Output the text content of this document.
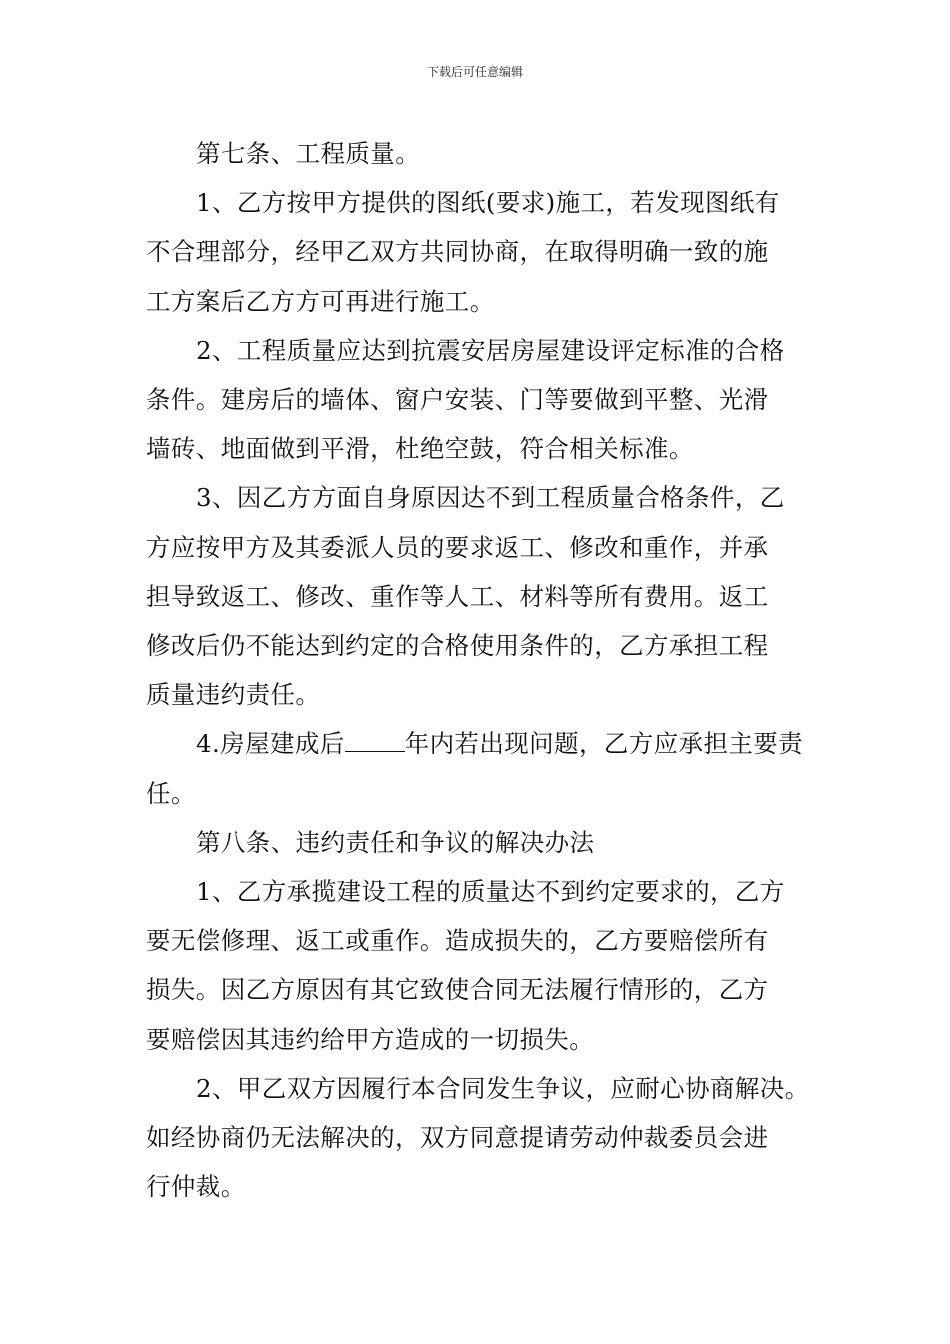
下载后可任意编辑
第七条、工程质量。
1、乙方按甲方提供的图纸(要求)施工，若发现图纸有
不合理部分，经甲乙双方共同协商，在取得明确一致的施
工方案后乙方方可再进行施工。
2、工程质量应达到抗震安居房屋建设评定标准的合格
条件。建房后的墙体、窗户安装、门等要做到平整、光滑
墙砖、地面做到平滑，杜绝空鼓，符合相关标准。
3、因乙方方面自身原因达不到工程质量合格条件，乙
方应按甲方及其委派人员的要求返工、修改和重作，并承
担导致返工、修改、重作等人工、材料等所有费用。返工
修改后仍不能达到约定的合格使用条件的，乙方承担工程
质量违约责任。
4.房屋建成后 年内若出现问题，乙方应承担主要责
任。
第八条、违约责任和争议的解决办法
1、乙方承揽建设工程的质量达不到约定要求的，乙方
要无偿修理、返工或重作。造成损失的，乙方要赔偿所有
损失。因乙方原因有其它致使合同无法履行情形的，乙方
要赔偿因其违约给甲方造成的一切损失。
2、甲乙双方因履行本合同发生争议，应耐心协商解决。
如经协商仍无法解决的，双方同意提请劳动仲裁委员会进
行仲裁。
